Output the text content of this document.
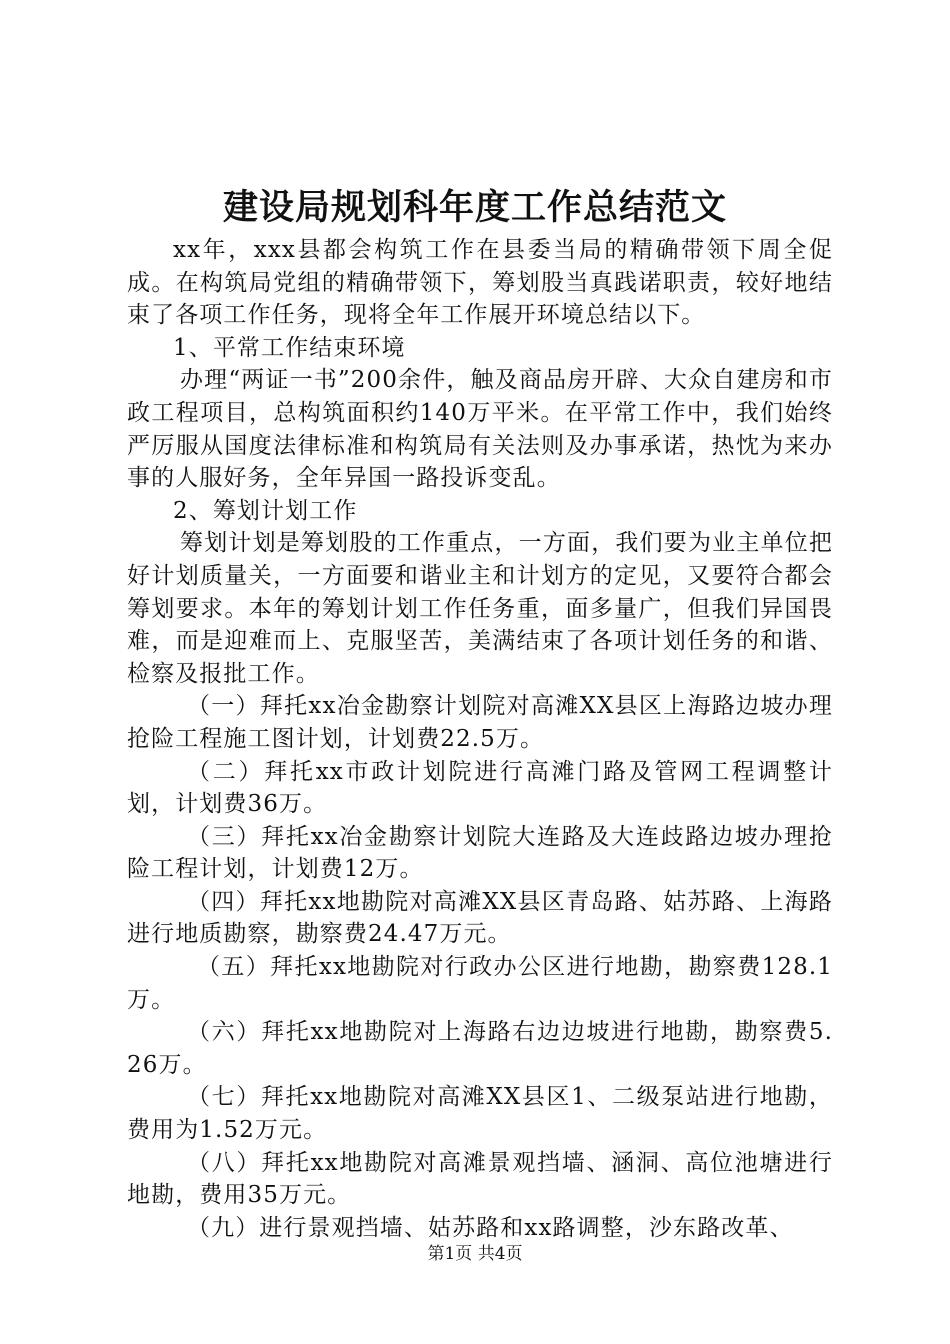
建设局规划科年度工作总结范文

xx年，xxx县都会构筑工作在县委当局的精确带领下周全促成。在构筑局党组的精确带领下，筹划股当真践诺职责，较好地结束了各项工作任务，现将全年工作展开环境总结以下。

1、平常工作结束环境

办理“两证一书”200余件，触及商品房开辟、大众自建房和市政工程项目，总构筑面积约140万平米。在平常工作中，我们始终严厉服从国度法律标准和构筑局有关法则及办事承诺，热忱为来办事的人服好务，全年异国一路投诉变乱。

2、筹划计划工作

筹划计划是筹划股的工作重点，一方面，我们要为业主单位把好计划质量关，一方面要和谐业主和计划方的定见，又要符合都会筹划要求。本年的筹划计划工作任务重，面多量广，但我们异国畏难，而是迎难而上、克服坚苦，美满结束了各项计划任务的和谐、检察及报批工作。

（一）拜托xx冶金勘察计划院对高滩XX县区上海路边坡办理抢险工程施工图计划，计划费22.5万。

（二）拜托xx市政计划院进行高滩门路及管网工程调整计划，计划费36万。

（三）拜托xx冶金勘察计划院大连路及大连歧路边坡办理抢险工程计划，计划费12万。

（四）拜托xx地勘院对高滩XX县区青岛路、姑苏路、上海路进行地质勘察，勘察费24.47万元。

（五）拜托xx地勘院对行政办公区进行地勘，勘察费128.1万。

（六）拜托xx地勘院对上海路右边边坡进行地勘，勘察费5.26万。

（七）拜托xx地勘院对高滩XX县区1、二级泵站进行地勘，费用为1.52万元。

（八）拜托xx地勘院对高滩景观挡墙、涵洞、高位池塘进行地勘，费用35万元。

（九）进行景观挡墙、姑苏路和xx路调整，沙东路改革、

第1页 共4页
